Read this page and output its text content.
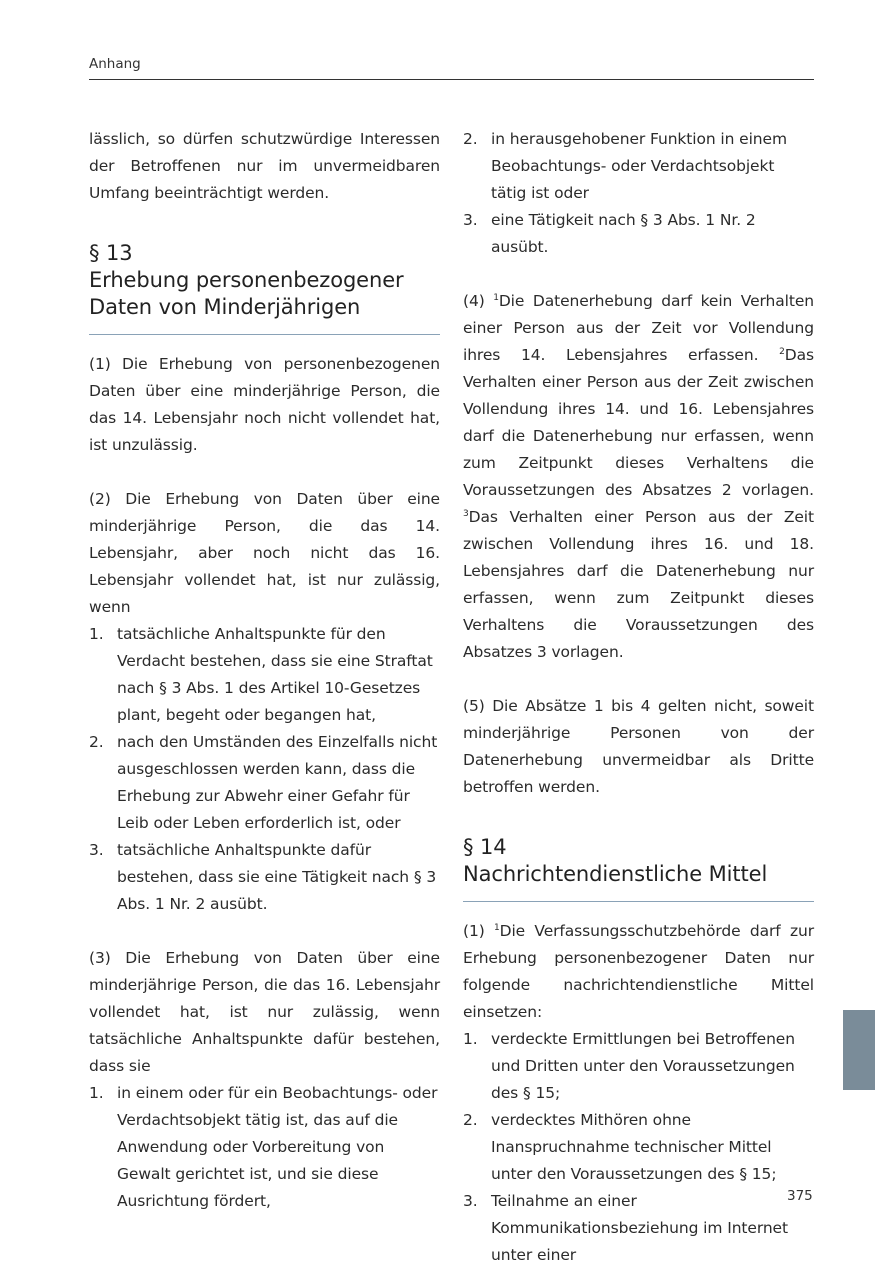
Anhang

lässlich, so dürfen schutzwürdige Interessen der Betroffenen nur im unvermeidbaren Umfang beeinträchtigt werden.

§ 13
Erhebung personenbezogener Daten von Minderjährigen

(1) Die Erhebung von personenbezogenen Daten über eine minderjährige Person, die das 14. Lebensjahr noch nicht vollendet hat, ist unzulässig.

(2) Die Erhebung von Daten über eine minderjährige Person, die das 14. Lebensjahr, aber noch nicht das 16. Lebensjahr vollendet hat, ist nur zulässig, wenn

1. tatsächliche Anhaltspunkte für den Verdacht bestehen, dass sie eine Straftat nach § 3 Abs. 1 des Artikel 10-Gesetzes plant, begeht oder begangen hat,
2. nach den Umständen des Einzelfalls nicht ausgeschlossen werden kann, dass die Erhebung zur Abwehr einer Gefahr für Leib oder Leben erforderlich ist, oder
3. tatsächliche Anhaltspunkte dafür bestehen, dass sie eine Tätigkeit nach § 3 Abs. 1 Nr. 2 ausübt.

(3) Die Erhebung von Daten über eine minderjährige Person, die das 16. Lebensjahr vollendet hat, ist nur zulässig, wenn tatsächliche Anhaltspunkte dafür bestehen, dass sie

1. in einem oder für ein Beobachtungs- oder Verdachtsobjekt tätig ist, das auf die Anwendung oder Vorbereitung von Gewalt gerichtet ist, und sie diese Ausrichtung fördert,
2. in herausgehobener Funktion in einem Beobachtungs- oder Verdachtsobjekt tätig ist oder
3. eine Tätigkeit nach § 3 Abs. 1 Nr. 2 ausübt.

(4) $^1$Die Datenerhebung darf kein Verhalten einer Person aus der Zeit vor Vollendung ihres 14. Lebensjahres erfassen. $^2$Das Verhalten einer Person aus der Zeit zwischen Vollendung ihres 14. und 16. Lebensjahres darf die Datenerhebung nur erfassen, wenn zum Zeitpunkt dieses Verhaltens die Voraussetzungen des Absatzes 2 vorlagen. $^3$Das Verhalten einer Person aus der Zeit zwischen Vollendung ihres 16. und 18. Lebensjahres darf die Datenerhebung nur erfassen, wenn zum Zeitpunkt dieses Verhaltens die Voraussetzungen des Absatzes 3 vorlagen.

(5) Die Absätze 1 bis 4 gelten nicht, soweit minderjährige Personen von der Datenerhebung unvermeidbar als Dritte betroffen werden.

§ 14
Nachrichtendienstliche Mittel

(1) $^1$Die Verfassungsschutzbehörde darf zur Erhebung personenbezogener Daten nur folgende nachrichtendienstliche Mittel einsetzen:

1. verdeckte Ermittlungen bei Betroffenen und Dritten unter den Voraussetzungen des § 15;
2. verdecktes Mithören ohne Inanspruchnahme technischer Mittel unter den Voraussetzungen des § 15;
3. Teilnahme an einer Kommunikationsbeziehung im Internet unter einer
375
